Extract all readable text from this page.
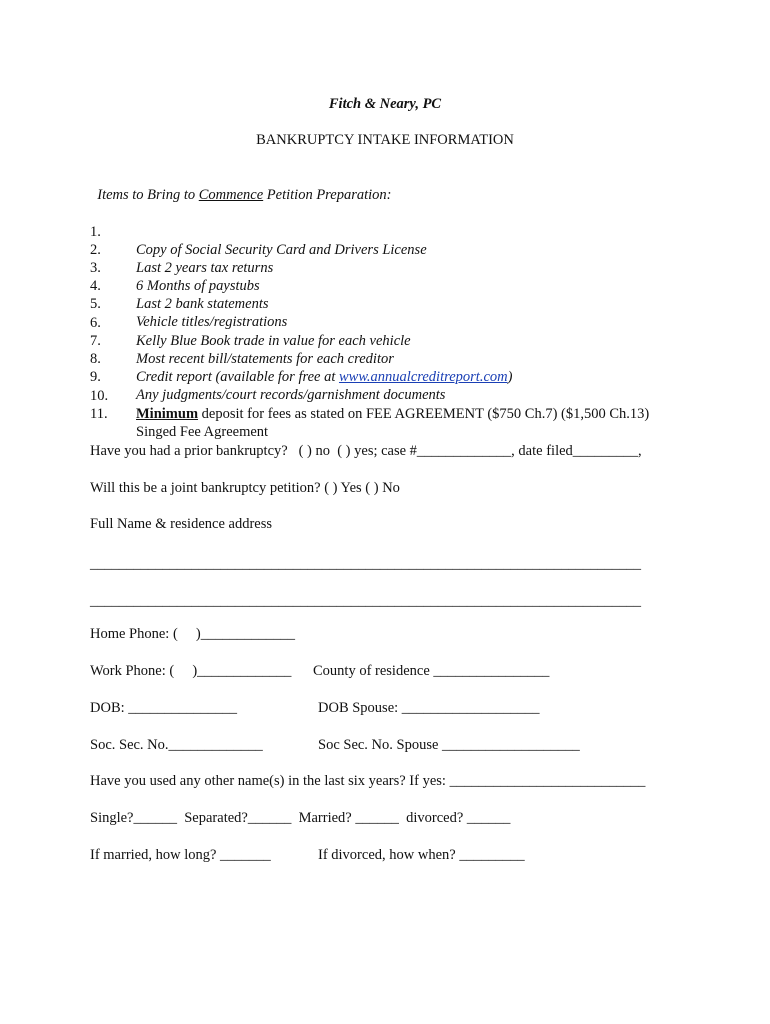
Fitch & Neary, PC
BANKRUPTCY INTAKE INFORMATION

Items to Bring to Commence Petition Preparation:

1.

Copy of Social Security Card and Drivers License

2.

Last 2 years tax returns

3.

6 Months of paystubs

4.

Last 2 bank statements

5.

Vehicle titles/registrations

6.

Kelly Blue Book trade in value for each vehicle

7.

Most recent bill/statements for each creditor

8.

Credit report (available for free at www.annualcreditreport.com)

9.

Any judgments/court records/garnishment documents

10.

Minimum deposit for fees as stated on FEE AGREEMENT ($750 Ch.7) ($1,500 Ch.13)

11.

Singed Fee Agreement

Have you had a prior bankruptcy?   ( ) no  ( ) yes; case #_____________, date filed_________,
Will this be a joint bankruptcy petition? ( ) Yes ( ) No
Full Name & residence address
____________________________________________________________________________
____________________________________________________________________________
Home Phone: (     )_____________
Work Phone: (     )_____________ County of residence ________________
DOB: _______________	DOB Spouse: ___________________
Soc. Sec. No._____________	Soc Sec. No. Spouse ___________________
Have you used any other name(s) in the last six years? If yes: ___________________________
Single?______  Separated?______  Married? ______  divorced? ______
If married, how long? _______	If divorced, how when? _________
